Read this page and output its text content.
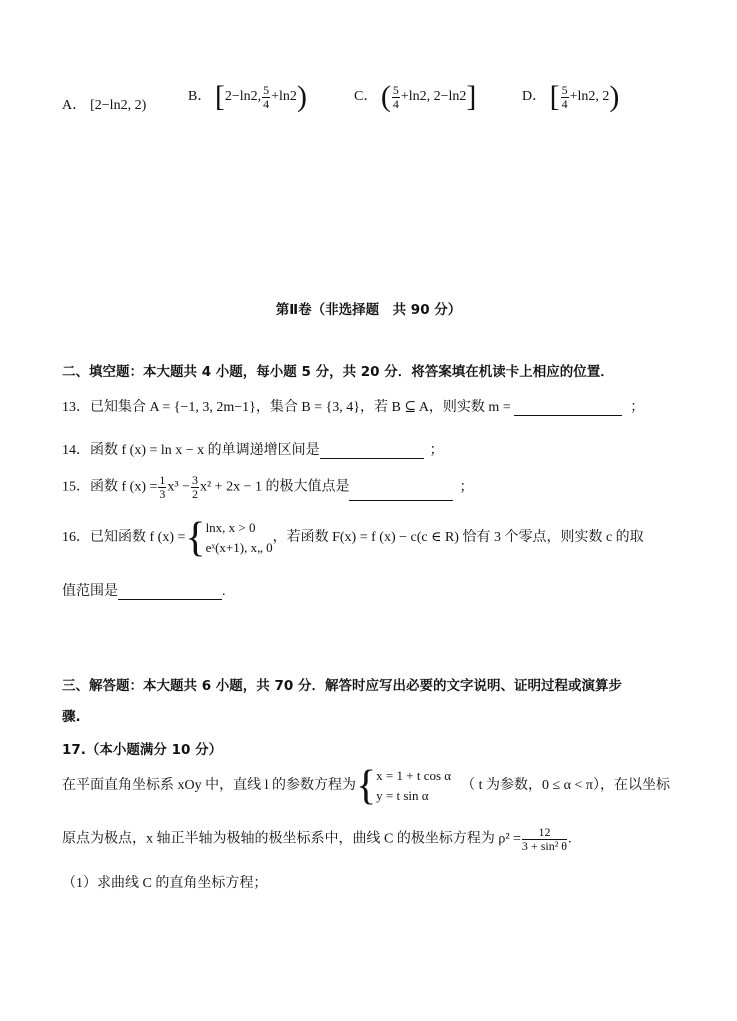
A． [2−ln2, 2)
B． [2−ln2, $\frac{5}{4} +\ln 2$)	C． ( $\frac{5}{4} +\ln 2$, 2−ln2]	D． [ $\frac{5}{4} +\ln 2$, 2)
第Ⅱ卷（非选择题　共 90 分）
二、填空题：本大题共 4 小题，每小题 5 分，共 20 分．将答案填在机读卡上相应的位置．
13．已知集合 A = {−1, 3, 2m−1}，集合 B = {3, 4}，若 B ⊆ A，则实数 m =	；
14．函数 f (x) = ln x − x 的单调递增区间是	；
15．函数 f $(x) = \frac{1}{3} x^3 - \frac{3}{2} x^2 + 2x - 1$ 的极大值点是	；
16．已知函数 f (x) ={ lnx, x > 0
eˣ(x+1), x„ 0
，若函数 F(x) = f (x) − c(c ∈ R) 恰有 3 个零点，则实数 c 的取
值范围是	.
三、解答题：本大题共 6 小题，共 70 分．解答时应写出必要的文字说明、证明过程或演算步
骤.
17.（本小题满分 10 分）
在平面直角坐标系 xOy 中，直线 l 的参数方程为{ x = 1 + t cos α
y = t sin α
（ t 为参数，0 ≤ α < π），在以坐标
原点为极点，x 轴正半轴为极轴的极坐标系中，曲线 C 的极坐标方程为 $\rho^2 = \frac{12}{\text{3 + sin² θ}}$ .
（1）求曲线 C 的直角坐标方程；
